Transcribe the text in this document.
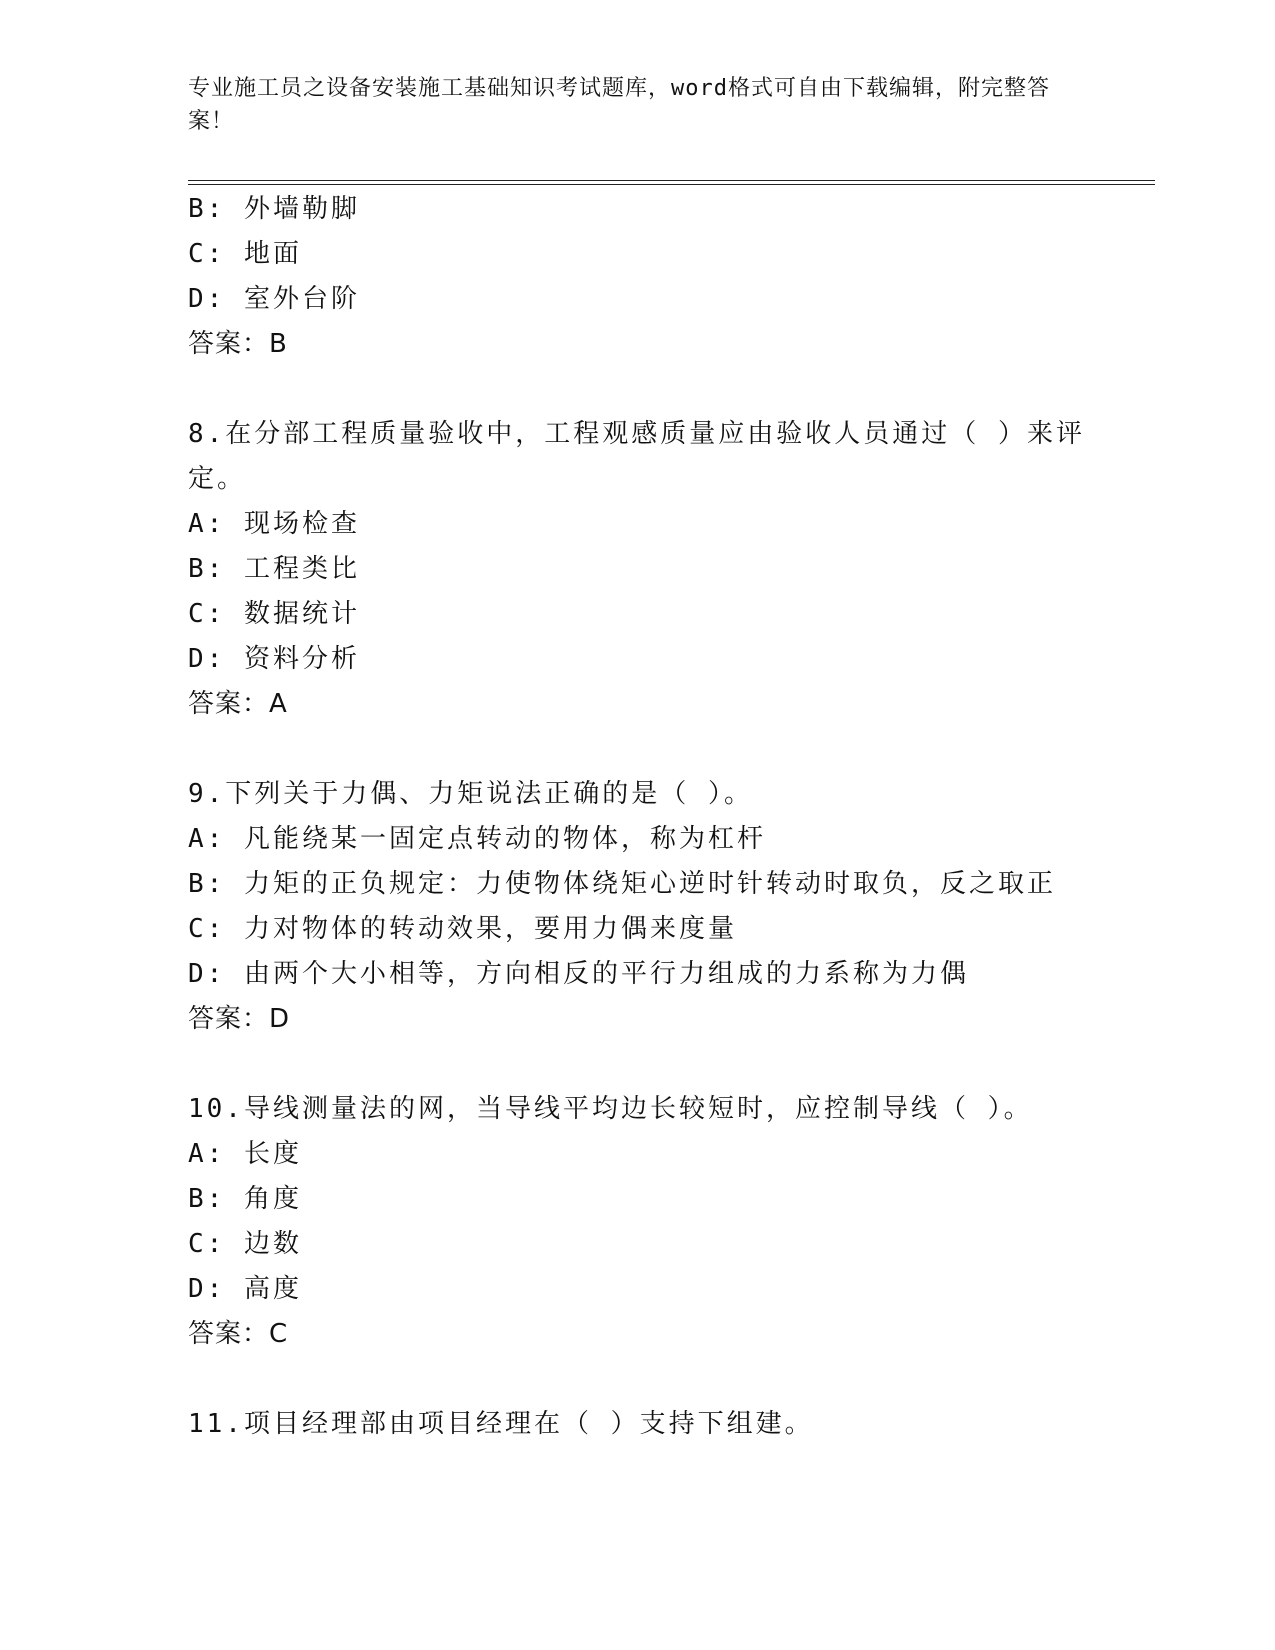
专业施工员之设备安装施工基础知识考试题库，word格式可自由下载编辑，附完整答案！
B: 外墙勒脚
C: 地面
D: 室外台阶
答案：B
8.在分部工程质量验收中，工程观感质量应由验收人员通过（ ）来评
定。
A: 现场检查
B: 工程类比
C: 数据统计
D: 资料分析
答案：A
9.下列关于力偶、力矩说法正确的是（ ）。
A: 凡能绕某一固定点转动的物体，称为杠杆
B: 力矩的正负规定：力使物体绕矩心逆时针转动时取负，反之取正
C: 力对物体的转动效果，要用力偶来度量
D: 由两个大小相等，方向相反的平行力组成的力系称为力偶
答案：D
10.导线测量法的网，当导线平均边长较短时，应控制导线（ ）。
A: 长度
B: 角度
C: 边数
D: 高度
答案：C
11.项目经理部由项目经理在（ ）支持下组建。
